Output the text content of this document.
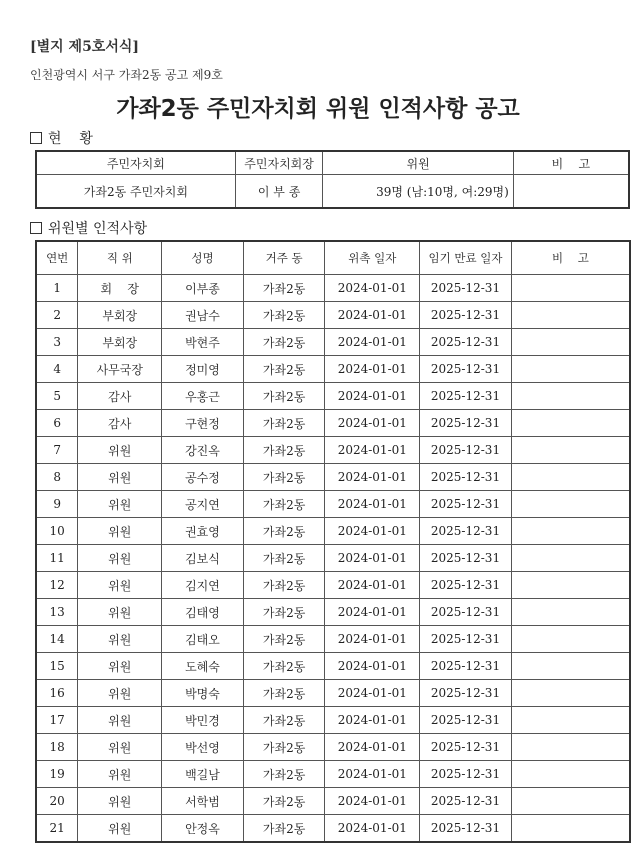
[별지 제5호서식]
인천광역시 서구 가좌2동 공고 제9호
가좌2동 주민자치회 위원 인적사항 공고
현    황
주민자치회	주민자치회장	위원	비    고
가좌2동 주민자치회	이 부 종	39명 (남:10명, 여:29명)	
위원별 인적사항
연번	직 위	성명	거주 동	위촉 일자	임기 만료 일자	비    고
1	회    장	이부종	가좌2동	2024-01-01	2025-12-31	
2	부회장	권남수	가좌2동	2024-01-01	2025-12-31	
3	부회장	박현주	가좌2동	2024-01-01	2025-12-31	
4	사무국장	정미영	가좌2동	2024-01-01	2025-12-31	
5	감사	우홍근	가좌2동	2024-01-01	2025-12-31	
6	감사	구현정	가좌2동	2024-01-01	2025-12-31	
7	위원	강진옥	가좌2동	2024-01-01	2025-12-31	
8	위원	공수정	가좌2동	2024-01-01	2025-12-31	
9	위원	공지연	가좌2동	2024-01-01	2025-12-31	
10	위원	권효영	가좌2동	2024-01-01	2025-12-31	
11	위원	김보식	가좌2동	2024-01-01	2025-12-31	
12	위원	김지연	가좌2동	2024-01-01	2025-12-31	
13	위원	김태영	가좌2동	2024-01-01	2025-12-31	
14	위원	김태오	가좌2동	2024-01-01	2025-12-31	
15	위원	도혜숙	가좌2동	2024-01-01	2025-12-31	
16	위원	박명숙	가좌2동	2024-01-01	2025-12-31	
17	위원	박민경	가좌2동	2024-01-01	2025-12-31	
18	위원	박선영	가좌2동	2024-01-01	2025-12-31	
19	위원	백길남	가좌2동	2024-01-01	2025-12-31	
20	위원	서학범	가좌2동	2024-01-01	2025-12-31	
21	위원	안정옥	가좌2동	2024-01-01	2025-12-31	
